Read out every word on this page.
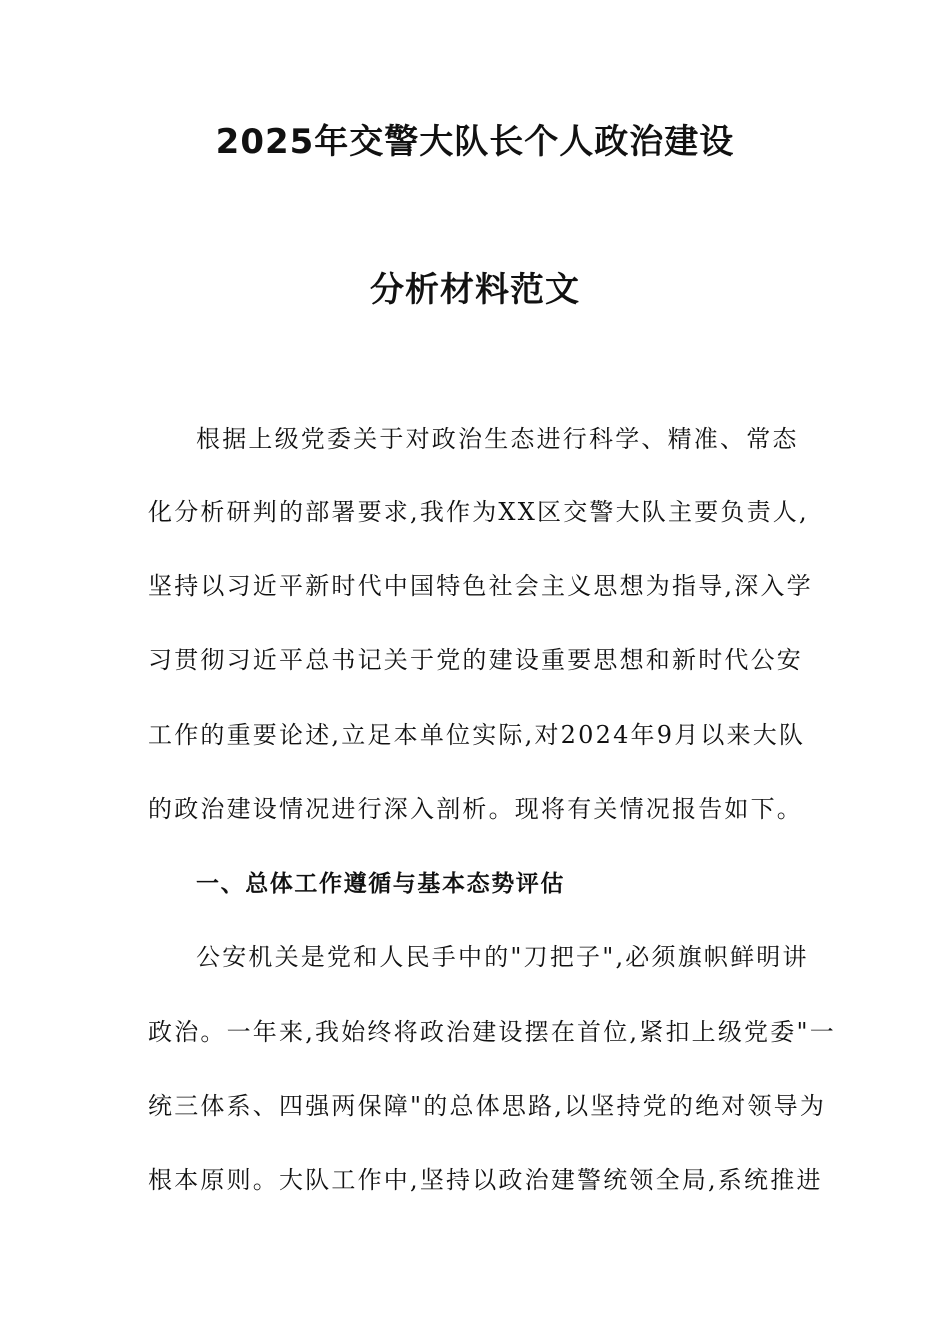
2025年交警大队长个人政治建设
分析材料范文
根据上级党委关于对政治生态进行科学、精准、常态
化分析研判的部署要求,我作为XX区交警大队主要负责人,
坚持以习近平新时代中国特色社会主义思想为指导,深入学
习贯彻习近平总书记关于党的建设重要思想和新时代公安
工作的重要论述,立足本单位实际,对2024年9月以来大队
的政治建设情况进行深入剖析。现将有关情况报告如下。
一、总体工作遵循与基本态势评估
公安机关是党和人民手中的"刀把子",必须旗帜鲜明讲
政治。一年来,我始终将政治建设摆在首位,紧扣上级党委"一
统三体系、四强两保障"的总体思路,以坚持党的绝对领导为
根本原则。大队工作中,坚持以政治建警统领全局,系统推进
